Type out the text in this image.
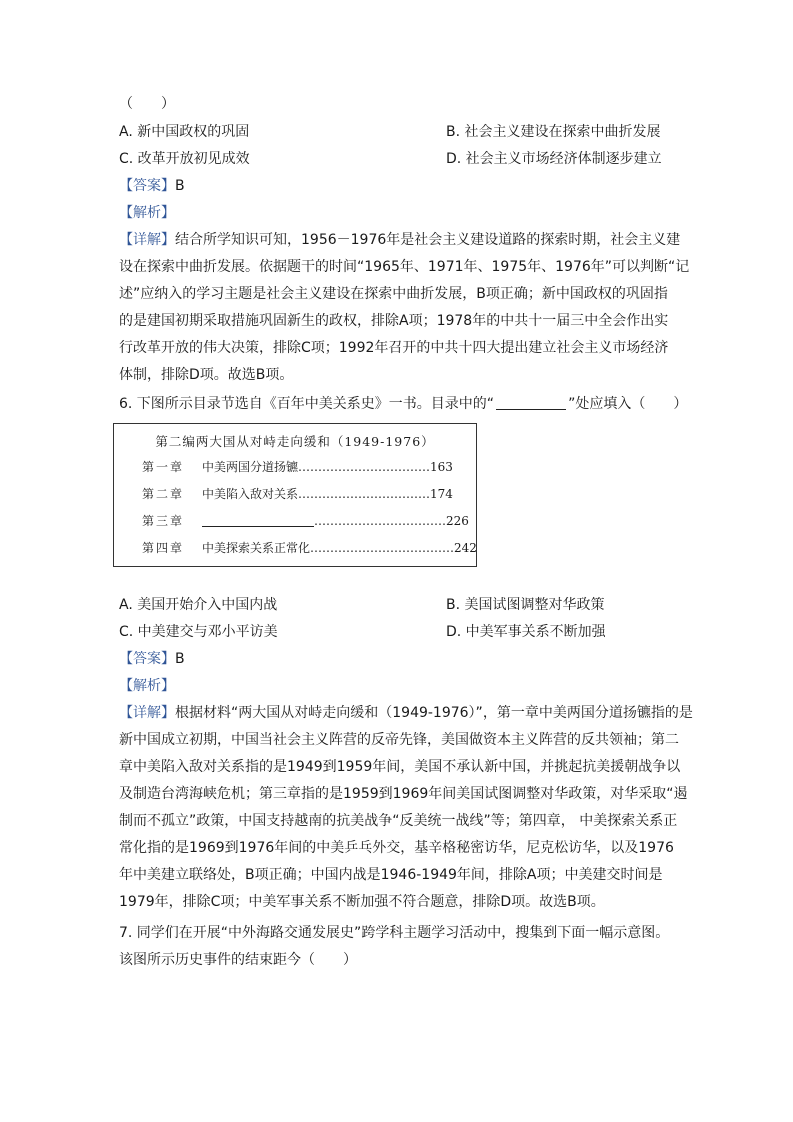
（　　）
A. 新中国政权的巩固	B. 社会主义建设在探索中曲折发展
C. 改革开放初见成效	D. 社会主义市场经济体制逐步建立
【答案】B
【解析】
【详解】结合所学知识可知，1956－1976年是社会主义建设道路的探索时期，社会主义建
设在探索中曲折发展。依据题干的时间“1965年、1971年、1975年、1976年”可以判断“记
述”应纳入的学习主题是社会主义建设在探索中曲折发展，B项正确；新中国政权的巩固指
的是建国初期采取措施巩固新生的政权，排除A项；1978年的中共十一届三中全会作出实
行改革开放的伟大决策，排除C项；1992年召开的中共十四大提出建立社会主义市场经济
体制，排除D项。故选B项。
6. 下图所示目录节选自《百年中美关系史》一书。目录中的“	”处应填入（　　）
第二编两大国从对峙走向缓和（1949-1976）
第一章 中美两国分道扬镳……………………………163
第二章 中美陷入敌对关系……………………………174
第三章	……………………………226
第四章 中美探索关系正常化………………………………242
A. 美国开始介入中国内战	B. 美国试图调整对华政策
C. 中美建交与邓小平访美	D. 中美军事关系不断加强
【答案】B
【解析】
【详解】根据材料“两大国从对峙走向缓和（1949-1976）”，第一章中美两国分道扬镳指的是
新中国成立初期，中国当社会主义阵营的反帝先锋，美国做资本主义阵营的反共领袖；第二
章中美陷入敌对关系指的是1949到1959年间，美国不承认新中国，并挑起抗美援朝战争以
及制造台湾海峡危机；第三章指的是1959到1969年间美国试图调整对华政策，对华采取“遏
制而不孤立”政策，中国支持越南的抗美战争“反美统一战线”等；第四章， 中美探索关系正
常化指的是1969到1976年间的中美乒乓外交，基辛格秘密访华，尼克松访华，以及1976
年中美建立联络处，B项正确；中国内战是1946-1949年间，排除A项；中美建交时间是
1979年，排除C项；中美军事关系不断加强不符合题意，排除D项。故选B项。
7. 同学们在开展“中外海路交通发展史”跨学科主题学习活动中，搜集到下面一幅示意图。
该图所示历史事件的结束距今（　　）
